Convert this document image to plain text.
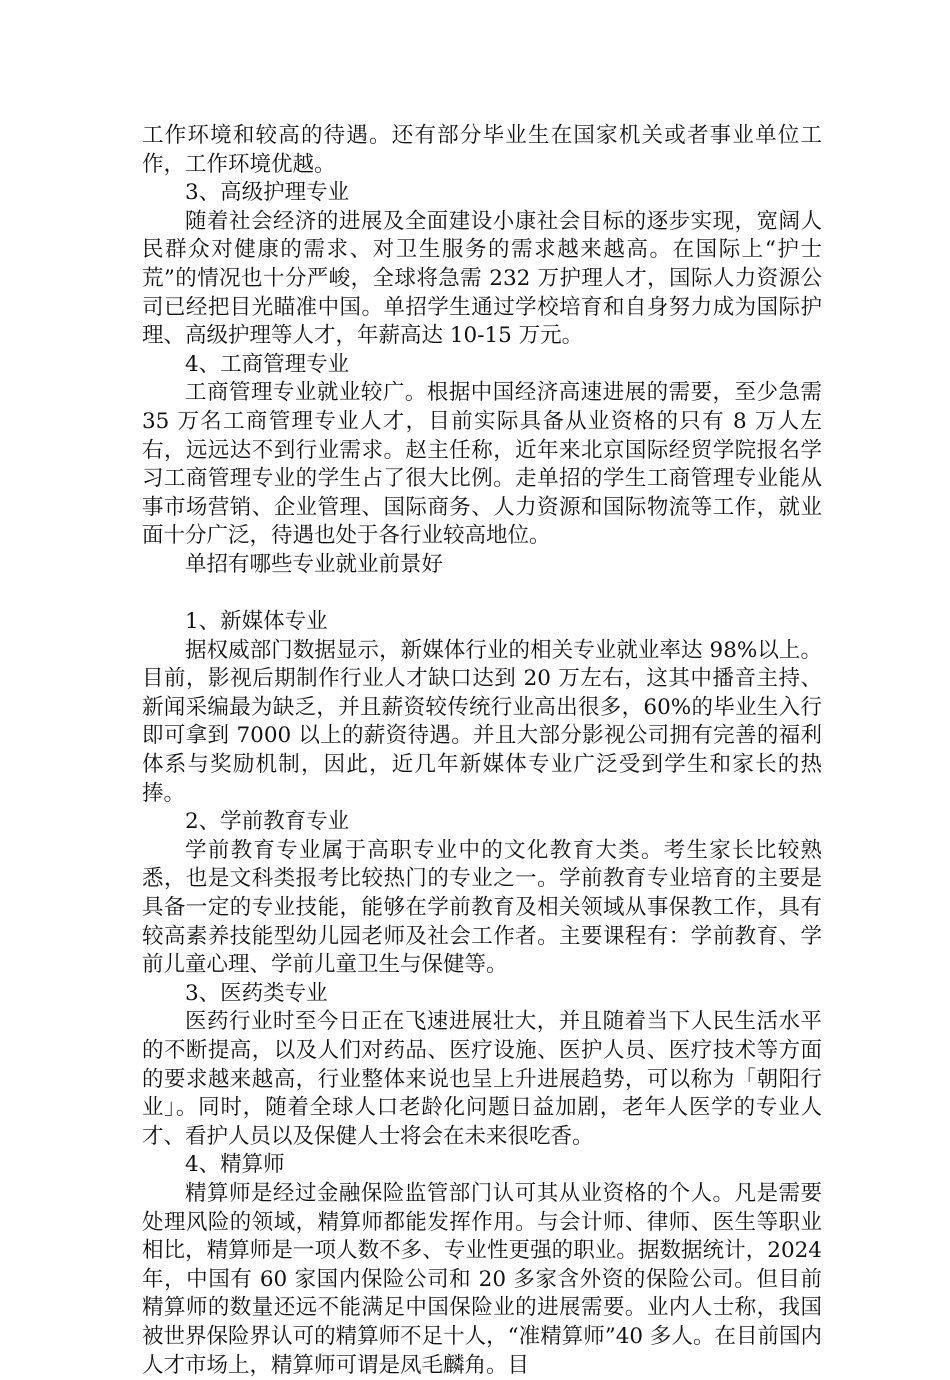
工作环境和较高的待遇。还有部分毕业生在国家机关或者事业单位工作，工作环境优越。

3、高级护理专业

随着社会经济的进展及全面建设小康社会目标的逐步实现，宽阔人民群众对健康的需求、对卫生服务的需求越来越高。在国际上“护士荒”的情况也十分严峻，全球将急需 232 万护理人才，国际人力资源公司已经把目光瞄准中国。单招学生通过学校培育和自身努力成为国际护理、高级护理等人才，年薪高达 10-15 万元。

4、工商管理专业

工商管理专业就业较广。根据中国经济高速进展的需要，至少急需 35 万名工商管理专业人才，目前实际具备从业资格的只有 8 万人左右，远远达不到行业需求。赵主任称，近年来北京国际经贸学院报名学习工商管理专业的学生占了很大比例。走单招的学生工商管理专业能从事市场营销、企业管理、国际商务、人力资源和国际物流等工作，就业面十分广泛，待遇也处于各行业较高地位。

单招有哪些专业就业前景好

1、新媒体专业

据权威部门数据显示，新媒体行业的相关专业就业率达 98%以上。目前，影视后期制作行业人才缺口达到 20 万左右，这其中播音主持、新闻采编最为缺乏，并且薪资较传统行业高出很多，60%的毕业生入行即可拿到 7000 以上的薪资待遇。并且大部分影视公司拥有完善的福利体系与奖励机制，因此，近几年新媒体专业广泛受到学生和家长的热捧。

2、学前教育专业

学前教育专业属于高职专业中的文化教育大类。考生家长比较熟悉，也是文科类报考比较热门的专业之一。学前教育专业培育的主要是具备一定的专业技能，能够在学前教育及相关领域从事保教工作，具有较高素养技能型幼儿园老师及社会工作者。主要课程有：学前教育、学前儿童心理、学前儿童卫生与保健等。

3、医药类专业

医药行业时至今日正在飞速进展壮大，并且随着当下人民生活水平的不断提高，以及人们对药品、医疗设施、医护人员、医疗技术等方面的要求越来越高，行业整体来说也呈上升进展趋势，可以称为「朝阳行业」。同时，随着全球人口老龄化问题日益加剧，老年人医学的专业人才、看护人员以及保健人士将会在未来很吃香。

4、精算师

精算师是经过金融保险监管部门认可其从业资格的个人。凡是需要处理风险的领域，精算师都能发挥作用。与会计师、律师、医生等职业相比，精算师是一项人数不多、专业性更强的职业。据数据统计，2024 年，中国有 60 家国内保险公司和 20 多家含外资的保险公司。但目前精算师的数量还远不能满足中国保险业的进展需要。业内人士称，我国被世界保险界认可的精算师不足十人，“准精算师”40 多人。在目前国内人才市场上，精算师可谓是凤毛麟角。目
